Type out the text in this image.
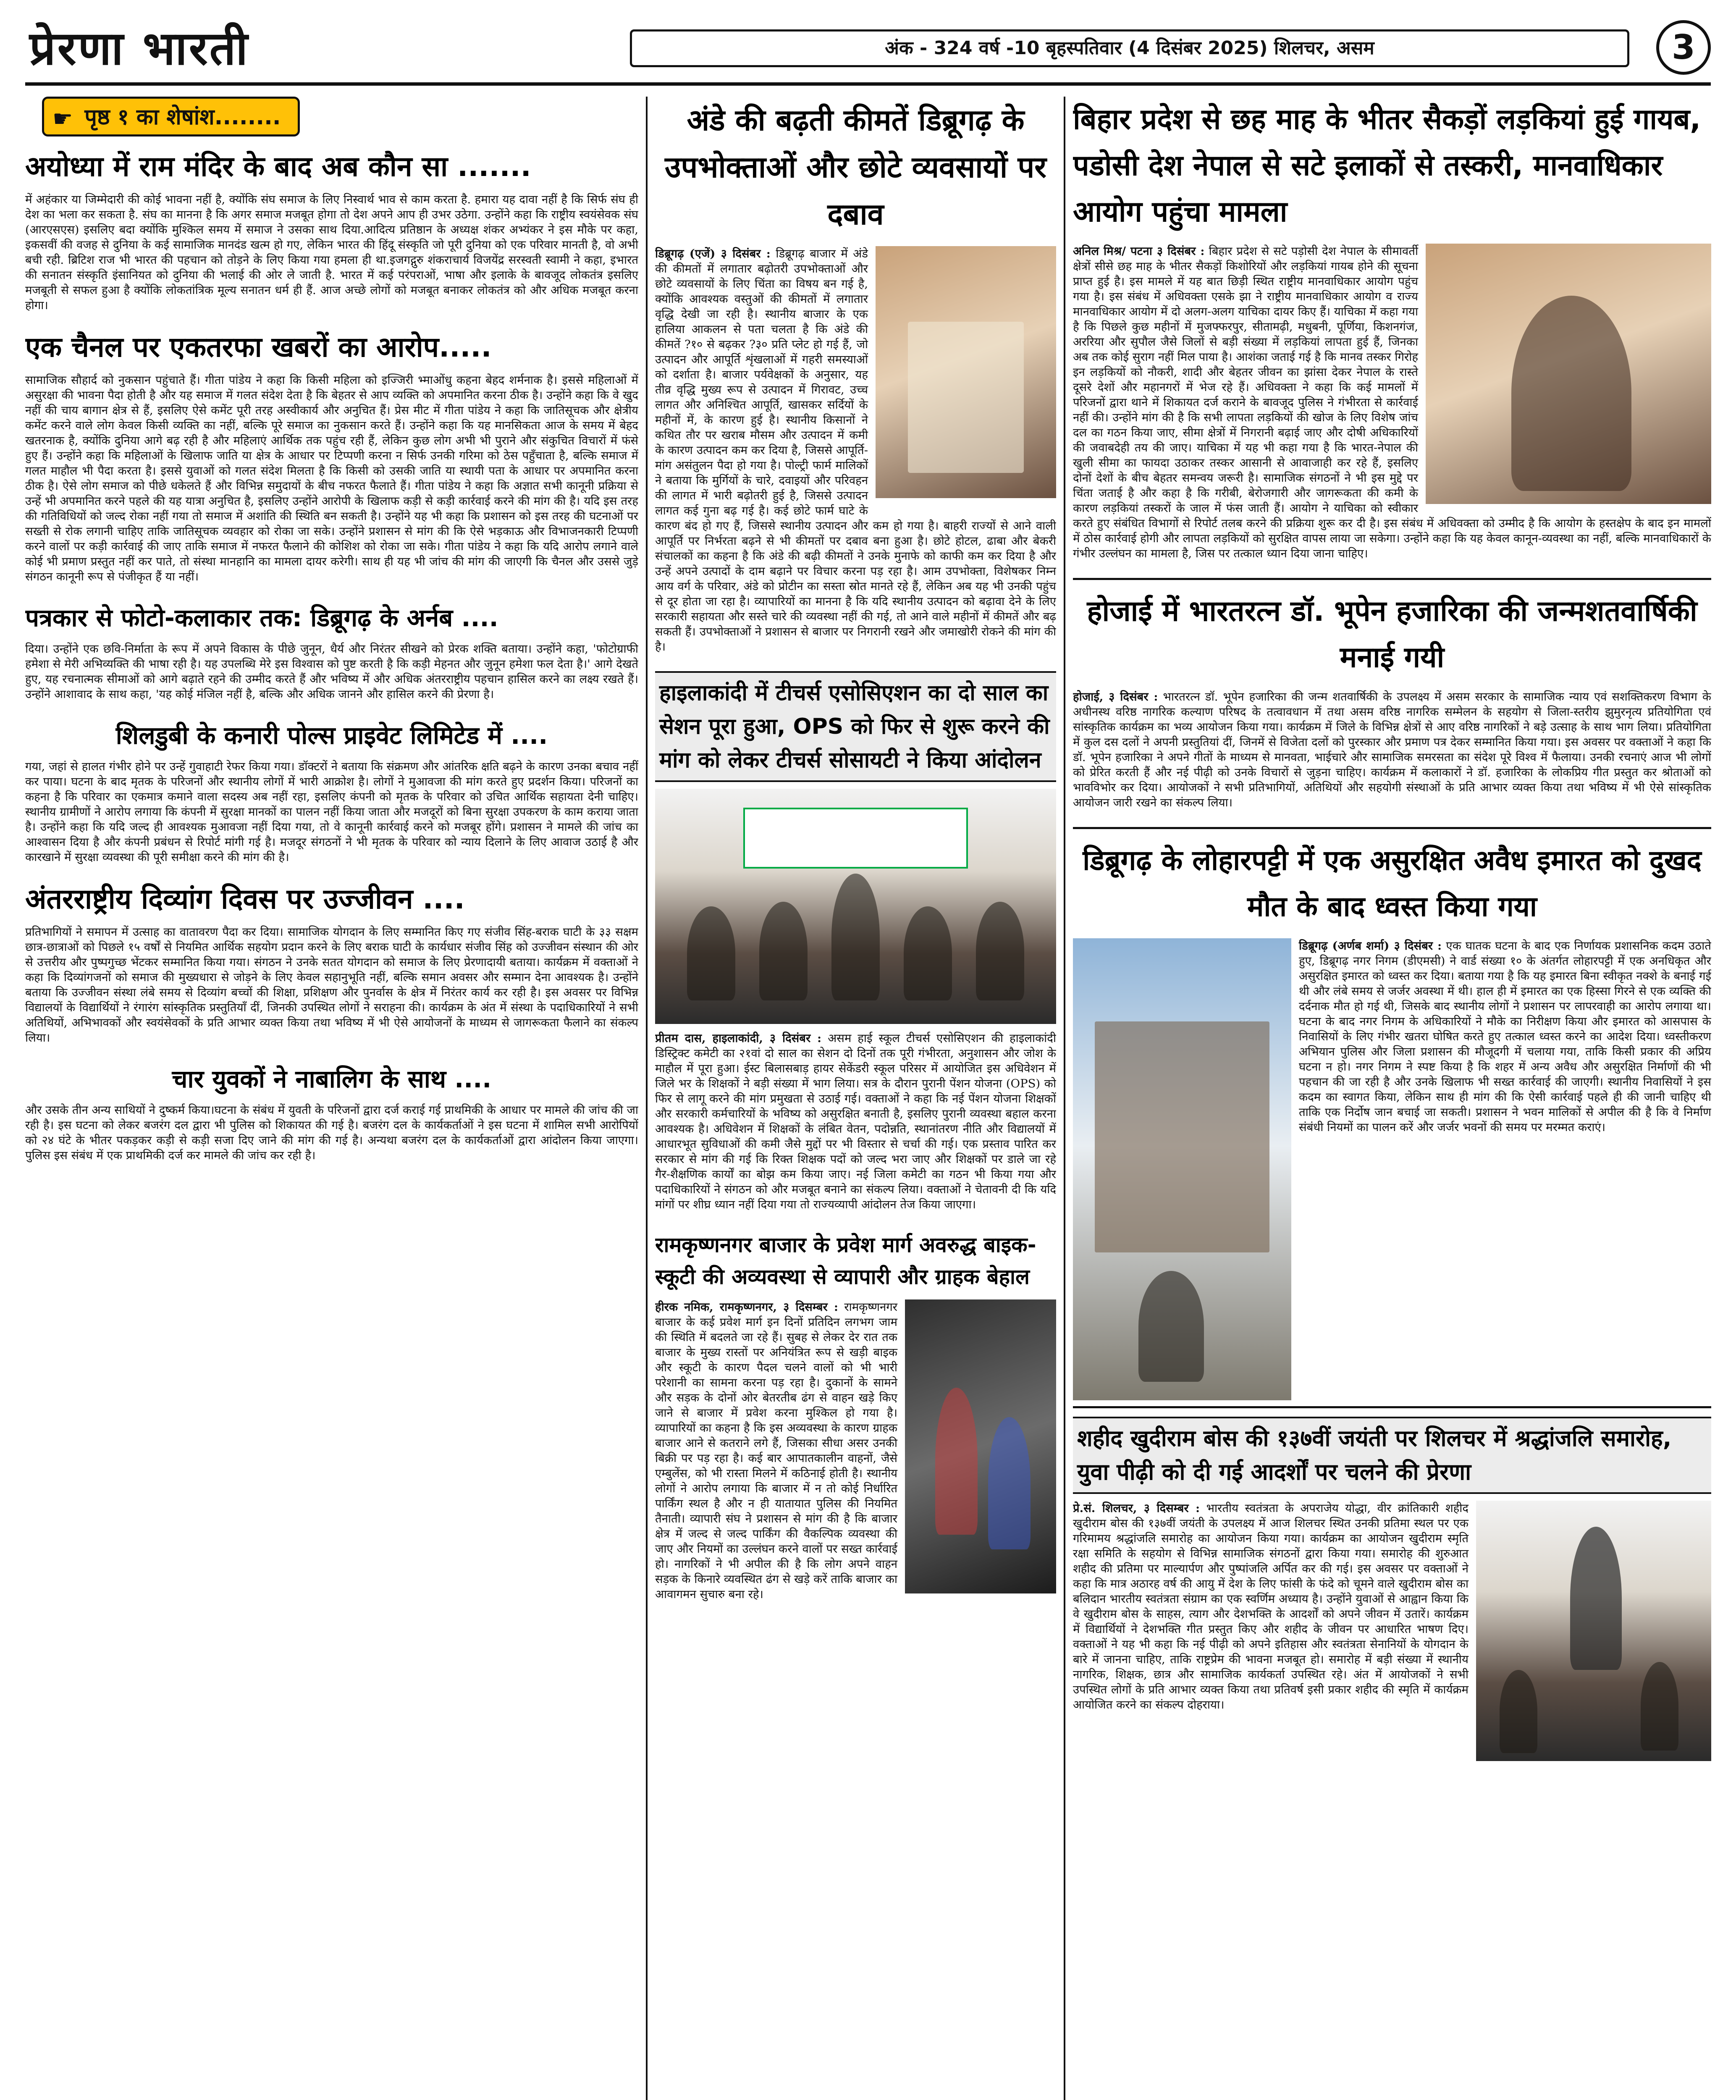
प्रेरणा भारती	अंक - 324 वर्ष -10 बृहस्पतिवार (4 दिसंबर 2025) शिलचर, असम	3
☛ पृष्ठ १ का शेषांश........
अयोध्या में राम मंदिर के बाद अब कौन सा .......
में अहंकार या जिम्मेदारी की कोई भावना नहीं है, क्योंकि संघ समाज के लिए निस्वार्थ भाव से काम करता है. हमारा यह दावा नहीं है कि सिर्फ संघ ही देश का भला कर सकता है. संघ का मानना है कि अगर समाज मजबूत होगा तो देश अपने आप ही उभर उठेगा. उन्होंने कहा कि राष्ट्रीय स्वयंसेवक संघ (आरएसएस) इसलिए बदा क्योंकि मुश्किल समय में समाज ने उसका साथ दिया.आदित्य प्रतिष्ठान के अध्यक्ष शंकर अभ्यंकर ने इस मौके पर कहा, इकसवीं की वजह से दुनिया के कई सामाजिक मानदंड खत्म हो गए, लेकिन भारत की हिंदू संस्कृति जो पूरी दुनिया को एक परिवार मानती है, वो अभी बची रही. ब्रिटिश राज भी भारत की पहचान को तोड़ने के लिए किया गया हमला ही था.इजगद्गुरु शंकराचार्य विजयेंद्र सरस्वती स्वामी ने कहा, इभारत की सनातन संस्कृति इंसानियत को दुनिया की भलाई की ओर ले जाती है. भारत में कई परंपराओं, भाषा और इलाके के बावजूद लोकतंत्र इसलिए मजबूती से सफल हुआ है क्योंकि लोकतांत्रिक मूल्य सनातन धर्म ही हैं. आज अच्छे लोगों को मजबूत बनाकर लोकतंत्र को और अधिक मजबूत करना होगा।
एक चैनल पर एकतरफा खबरों का आरोप.....
सामाजिक सौहार्द को नुकसान पहुंचाते हैं। गीता पांडेय ने कहा कि किसी महिला को इज्जिरी भ्माओंधु कहना बेहद शर्मनाक है। इससे महिलाओं में असुरक्षा की भावना पैदा होती है और यह समाज में गलत संदेश देता है कि बेहतर से आप व्यक्ति को अपमानित करना ठीक है। उन्होंने कहा कि वे खुद नहीं की चाय बागान क्षेत्र से हैं, इसलिए ऐसे कमेंट पूरी तरह अस्वीकार्य और अनुचित हैं। प्रेस मीट में गीता पांडेय ने कहा कि जातिसूचक और क्षेत्रीय कमेंट करने वाले लोग केवल किसी व्यक्ति का नहीं, बल्कि पूरे समाज का नुकसान करते हैं। उन्होंने कहा कि यह मानसिकता आज के समय में बेहद खतरनाक है, क्योंकि दुनिया आगे बढ़ रही है और महिलाएं आर्थिक तक पहुंच रही हैं, लेकिन कुछ लोग अभी भी पुराने और संकुचित विचारों में फंसे हुए हैं। उन्होंने कहा कि महिलाओं के खिलाफ जाति या क्षेत्र के आधार पर टिप्पणी करना न सिर्फ उनकी गरिमा को ठेस पहुँचाता है, बल्कि समाज में गलत माहौल भी पैदा करता है। इससे युवाओं को गलत संदेश मिलता है कि किसी को उसकी जाति या स्थायी पता के आधार पर अपमानित करना ठीक है। ऐसे लोग समाज को पीछे धकेलते हैं और विभिन्न समुदायों के बीच नफरत फैलाते हैं। गीता पांडेय ने कहा कि अज्ञात सभी कानूनी प्रक्रिया से उन्हें भी अपमानित करने पहले की यह यात्रा अनुचित है, इसलिए उन्होंने आरोपी के खिलाफ कड़ी से कड़ी कार्रवाई करने की मांग की है। यदि इस तरह की गतिविधियों को जल्द रोका नहीं गया तो समाज में अशांति की स्थिति बन सकती है। उन्होंने यह भी कहा कि प्रशासन को इस तरह की घटनाओं पर सख्ती से रोक लगानी चाहिए ताकि जातिसूचक व्यवहार को रोका जा सके। उन्होंने प्रशासन से मांग की कि ऐसे भड़काऊ और विभाजनकारी टिप्पणी करने वालों पर कड़ी कार्रवाई की जाए ताकि समाज में नफरत फैलाने की कोशिश को रोका जा सके। गीता पांडेय ने कहा कि यदि आरोप लगाने वाले कोई भी प्रमाण प्रस्तुत नहीं कर पाते, तो संस्था मानहानि का मामला दायर करेगी। साथ ही यह भी जांच की मांग की जाएगी कि चैनल और उससे जुड़े संगठन कानूनी रूप से पंजीकृत हैं या नहीं।
पत्रकार से फोटो-कलाकार तक: डिब्रूगढ़ के अर्नब ....
दिया। उन्होंने एक छवि-निर्माता के रूप में अपने विकास के पीछे जुनून, धैर्य और निरंतर सीखने को प्रेरक शक्ति बताया। उन्होंने कहा, 'फोटोग्राफी हमेशा से मेरी अभिव्यक्ति की भाषा रही है। यह उपलब्धि मेरे इस विश्वास को पुष्ट करती है कि कड़ी मेहनत और जुनून हमेशा फल देता है।' आगे देखते हुए, यह रचनात्मक सीमाओं को आगे बढ़ाते रहने की उम्मीद करते हैं और भविष्य में और अधिक अंतरराष्ट्रीय पहचान हासिल करने का लक्ष्य रखते हैं। उन्होंने आशावाद के साथ कहा, 'यह कोई मंजिल नहीं है, बल्कि और अधिक जानने और हासिल करने की प्रेरणा है।
शिलडुबी के कनारी पोल्स प्राइवेट लिमिटेड में ....
गया, जहां से हालत गंभीर होने पर उन्हें गुवाहाटी रेफर किया गया। डॉक्टरों ने बताया कि संक्रमण और आंतरिक क्षति बढ़ने के कारण उनका बचाव नहीं कर पाया। घटना के बाद मृतक के परिजनों और स्थानीय लोगों में भारी आक्रोश है। लोगों ने मुआवजा की मांग करते हुए प्रदर्शन किया। परिजनों का कहना है कि परिवार का एकमात्र कमाने वाला सदस्य अब नहीं रहा, इसलिए कंपनी को मृतक के परिवार को उचित आर्थिक सहायता देनी चाहिए। स्थानीय ग्रामीणों ने आरोप लगाया कि कंपनी में सुरक्षा मानकों का पालन नहीं किया जाता और मजदूरों को बिना सुरक्षा उपकरण के काम कराया जाता है। उन्होंने कहा कि यदि जल्द ही आवश्यक मुआवजा नहीं दिया गया, तो वे कानूनी कार्रवाई करने को मजबूर होंगे। प्रशासन ने मामले की जांच का आश्वासन दिया है और कंपनी प्रबंधन से रिपोर्ट मांगी गई है। मजदूर संगठनों ने भी मृतक के परिवार को न्याय दिलाने के लिए आवाज उठाई है और कारखाने में सुरक्षा व्यवस्था की पूरी समीक्षा करने की मांग की है।
अंतरराष्ट्रीय दिव्यांग दिवस पर उज्जीवन ....
प्रतिभागियों ने समापन में उत्साह का वातावरण पैदा कर दिया। सामाजिक योगदान के लिए सम्मानित किए गए संजीव सिंह-बराक घाटी के ३३ सक्षम छात्र-छात्राओं को पिछले १५ वर्षों से नियमित आर्थिक सहयोग प्रदान करने के लिए बराक घाटी के कार्यधार संजीव सिंह को उज्जीवन संस्थान की ओर से उत्तरीय और पुष्पगुच्छ भेंटकर सम्मानित किया गया। संगठन ने उनके सतत योगदान को समाज के लिए प्रेरणादायी बताया। कार्यक्रम में वक्ताओं ने कहा कि दिव्यांगजनों को समाज की मुख्यधारा से जोड़ने के लिए केवल सहानुभूति नहीं, बल्कि समान अवसर और सम्मान देना आवश्यक है। उन्होंने बताया कि उज्जीवन संस्था लंबे समय से दिव्यांग बच्चों की शिक्षा, प्रशिक्षण और पुनर्वास के क्षेत्र में निरंतर कार्य कर रही है। इस अवसर पर विभिन्न विद्यालयों के विद्यार्थियों ने रंगारंग सांस्कृतिक प्रस्तुतियाँ दीं, जिनकी उपस्थित लोगों ने सराहना की। कार्यक्रम के अंत में संस्था के पदाधिकारियों ने सभी अतिथियों, अभिभावकों और स्वयंसेवकों के प्रति आभार व्यक्त किया तथा भविष्य में भी ऐसे आयोजनों के माध्यम से जागरूकता फैलाने का संकल्प लिया।
चार युवकों ने नाबालिग के साथ ....
और उसके तीन अन्य साथियों ने दुष्कर्म किया।घटना के संबंध में युवती के परिजनों द्वारा दर्ज कराई गई प्राथमिकी के आधार पर मामले की जांच की जा रही है। इस घटना को लेकर बजरंग दल द्वारा भी पुलिस को शिकायत की गई है। बजरंग दल के कार्यकर्ताओं ने इस घटना में शामिल सभी आरोपियों को २४ घंटे के भीतर पकड़कर कड़ी से कड़ी सजा दिए जाने की मांग की गई है। अन्यथा बजरंग दल के कार्यकर्ताओं द्वारा आंदोलन किया जाएगा। पुलिस इस संबंध में एक प्राथमिकी दर्ज कर मामले की जांच कर रही है।
अंडे की बढ़ती कीमतें डिब्रूगढ़ के उपभोक्ताओं और छोटे व्यवसायों पर दबाव
डिब्रूगढ़ (एजें) ३ दिसंबर : डिब्रूगढ़ बाजार में अंडे की कीमतों में लगातार बढ़ोतरी उपभोक्ताओं और छोटे व्यवसायों के लिए चिंता का विषय बन गई है, क्योंकि आवश्यक वस्तुओं की कीमतों में लगातार वृद्धि देखी जा रही है। स्थानीय बाजार के एक हालिया आकलन से पता चलता है कि अंडे की कीमतें ?१० से बढ़कर ?३० प्रति प्लेट हो गई हैं, जो उत्पादन और आपूर्ति शृंखलाओं में गहरी समस्याओं को दर्शाता है। बाजार पर्यवेक्षकों के अनुसार, यह तीव्र वृद्धि मुख्य रूप से उत्पादन में गिरावट, उच्च लागत और अनिश्चित आपूर्ति, खासकर सर्दियों के महीनों में, के कारण हुई है। स्थानीय किसानों ने कथित तौर पर खराब मौसम और उत्पादन में कमी के कारण उत्पादन कम कर दिया है, जिससे आपूर्ति-मांग असंतुलन पैदा हो गया है। पोल्ट्री फार्म मालिकों ने बताया कि मुर्गियों के चारे, दवाइयों और परिवहन की लागत में भारी बढ़ोतरी हुई है, जिससे उत्पादन लागत कई गुना बढ़ गई है। कई छोटे फार्म घाटे के कारण बंद हो गए हैं, जिससे स्थानीय उत्पादन और कम हो गया है। बाहरी राज्यों से आने वाली आपूर्ति पर निर्भरता बढ़ने से भी कीमतों पर दबाव बना हुआ है। छोटे होटल, ढाबा और बेकरी संचालकों का कहना है कि अंडे की बढ़ी कीमतों ने उनके मुनाफे को काफी कम कर दिया है और उन्हें अपने उत्पादों के दाम बढ़ाने पर विचार करना पड़ रहा है। आम उपभोक्ता, विशेषकर निम्न आय वर्ग के परिवार, अंडे को प्रोटीन का सस्ता स्रोत मानते रहे हैं, लेकिन अब यह भी उनकी पहुंच से दूर होता जा रहा है। व्यापारियों का मानना है कि यदि स्थानीय उत्पादन को बढ़ावा देने के लिए सरकारी सहायता और सस्ते चारे की व्यवस्था नहीं की गई, तो आने वाले महीनों में कीमतें और बढ़ सकती हैं। उपभोक्ताओं ने प्रशासन से बाजार पर निगरानी रखने और जमाखोरी रोकने की मांग की है।
हाइलाकांदी में टीचर्स एसोसिएशन का दो साल का सेशन पूरा हुआ, OPS को फिर से शुरू करने की मांग को लेकर टीचर्स सोसायटी ने किया आंदोलन
प्रीतम दास, हाइलाकांदी, ३ दिसंबर : असम हाई स्कूल टीचर्स एसोसिएशन की हाइलाकांदी डिस्ट्रिक्ट कमेटी का २१वां दो साल का सेशन दो दिनों तक पूरी गंभीरता, अनुशासन और जोश के माहौल में पूरा हुआ। ईस्ट बिलासबाड़ हायर सेकेंडरी स्कूल परिसर में आयोजित इस अधिवेशन में जिले भर के शिक्षकों ने बड़ी संख्या में भाग लिया। सत्र के दौरान पुरानी पेंशन योजना (OPS) को फिर से लागू करने की मांग प्रमुखता से उठाई गई। वक्ताओं ने कहा कि नई पेंशन योजना शिक्षकों और सरकारी कर्मचारियों के भविष्य को असुरक्षित बनाती है, इसलिए पुरानी व्यवस्था बहाल करना आवश्यक है। अधिवेशन में शिक्षकों के लंबित वेतन, पदोन्नति, स्थानांतरण नीति और विद्यालयों में आधारभूत सुविधाओं की कमी जैसे मुद्दों पर भी विस्तार से चर्चा की गई। एक प्रस्ताव पारित कर सरकार से मांग की गई कि रिक्त शिक्षक पदों को जल्द भरा जाए और शिक्षकों पर डाले जा रहे गैर-शैक्षणिक कार्यों का बोझ कम किया जाए। नई जिला कमेटी का गठन भी किया गया और पदाधिकारियों ने संगठन को और मजबूत बनाने का संकल्प लिया। वक्ताओं ने चेतावनी दी कि यदि मांगों पर शीघ्र ध्यान नहीं दिया गया तो राज्यव्यापी आंदोलन तेज किया जाएगा।
रामकृष्णनगर बाजार के प्रवेश मार्ग अवरुद्ध बाइक-स्कूटी की अव्यवस्था से व्यापारी और ग्राहक बेहाल
हीरक नमिक, रामकृष्णनगर, ३ दिसम्बर : रामकृष्णनगर बाजार के कई प्रवेश मार्ग इन दिनों प्रतिदिन लगभग जाम की स्थिति में बदलते जा रहे हैं। सुबह से लेकर देर रात तक बाजार के मुख्य रास्तों पर अनियंत्रित रूप से खड़ी बाइक और स्कूटी के कारण पैदल चलने वालों को भी भारी परेशानी का सामना करना पड़ रहा है। दुकानों के सामने और सड़क के दोनों ओर बेतरतीब ढंग से वाहन खड़े किए जाने से बाजार में प्रवेश करना मुश्किल हो गया है। व्यापारियों का कहना है कि इस अव्यवस्था के कारण ग्राहक बाजार आने से कतराने लगे हैं, जिसका सीधा असर उनकी बिक्री पर पड़ रहा है। कई बार आपातकालीन वाहनों, जैसे एम्बुलेंस, को भी रास्ता मिलने में कठिनाई होती है। स्थानीय लोगों ने आरोप लगाया कि बाजार में न तो कोई निर्धारित पार्किंग स्थल है और न ही यातायात पुलिस की नियमित तैनाती। व्यापारी संघ ने प्रशासन से मांग की है कि बाजार क्षेत्र में जल्द से जल्द पार्किंग की वैकल्पिक व्यवस्था की जाए और नियमों का उल्लंघन करने वालों पर सख्त कार्रवाई हो। नागरिकों ने भी अपील की है कि लोग अपने वाहन सड़क के किनारे व्यवस्थित ढंग से खड़े करें ताकि बाजार का आवागमन सुचारु बना रहे।
बिहार प्रदेश से छह माह के भीतर सैकड़ों लड़कियां हुई गायब, पडोसी देश नेपाल से सटे इलाकों से तस्करी, मानवाधिकार आयोग पहुंचा मामला
अनिल मिश्र/ पटना ३ दिसंबर : बिहार प्रदेश से सटे पड़ोसी देश नेपाल के सीमावर्ती क्षेत्रों सीसे छह माह के भीतर सैकड़ों किशोरियों और लड़कियां गायब होने की सूचना प्राप्त हुई है। इस मामले में यह बात छिड़ी स्थित राष्ट्रीय मानवाधिकार आयोग पहुंच गया है। इस संबंध में अधिवक्ता एसके झा ने राष्ट्रीय मानवाधिकार आयोग व राज्य मानवाधिकार आयोग में दो अलग-अलग याचिका दायर किए हैं। याचिका में कहा गया है कि पिछले कुछ महीनों में मुजफ्फरपुर, सीतामढ़ी, मधुबनी, पूर्णिया, किशनगंज, अररिया और सुपौल जैसे जिलों से बड़ी संख्या में लड़कियां लापता हुई हैं, जिनका अब तक कोई सुराग नहीं मिल पाया है। आशंका जताई गई है कि मानव तस्कर गिरोह इन लड़कियों को नौकरी, शादी और बेहतर जीवन का झांसा देकर नेपाल के रास्ते दूसरे देशों और महानगरों में भेज रहे हैं। अधिवक्ता ने कहा कि कई मामलों में परिजनों द्वारा थाने में शिकायत दर्ज कराने के बावजूद पुलिस ने गंभीरता से कार्रवाई नहीं की। उन्होंने मांग की है कि सभी लापता लड़कियों की खोज के लिए विशेष जांच दल का गठन किया जाए, सीमा क्षेत्रों में निगरानी बढ़ाई जाए और दोषी अधिकारियों की जवाबदेही तय की जाए। याचिका में यह भी कहा गया है कि भारत-नेपाल की खुली सीमा का फायदा उठाकर तस्कर आसानी से आवाजाही कर रहे हैं, इसलिए दोनों देशों के बीच बेहतर समन्वय जरूरी है। सामाजिक संगठनों ने भी इस मुद्दे पर चिंता जताई है और कहा है कि गरीबी, बेरोजगारी और जागरूकता की कमी के कारण लड़कियां तस्करों के जाल में फंस जाती हैं। आयोग ने याचिका को स्वीकार करते हुए संबंधित विभागों से रिपोर्ट तलब करने की प्रक्रिया शुरू कर दी है। इस संबंध में अधिवक्ता को उम्मीद है कि आयोग के हस्तक्षेप के बाद इन मामलों में ठोस कार्रवाई होगी और लापता लड़कियों को सुरक्षित वापस लाया जा सकेगा। उन्होंने कहा कि यह केवल कानून-व्यवस्था का नहीं, बल्कि मानवाधिकारों के गंभीर उल्लंघन का मामला है, जिस पर तत्काल ध्यान दिया जाना चाहिए।
होजाई में भारतरत्न डॉ. भूपेन हजारिका की जन्मशतवार्षिकी मनाई गयी
होजाई, ३ दिसंबर : भारतरत्न डॉ. भूपेन हजारिका की जन्म शतवार्षिकी के उपलक्ष्य में असम सरकार के सामाजिक न्याय एवं सशक्तिकरण विभाग के अधीनस्थ वरिष्ठ नागरिक कल्याण परिषद के तत्वावधान में तथा असम वरिष्ठ नागरिक सम्मेलन के सहयोग से जिला-स्तरीय झुमुरनृत्य प्रतियोगिता एवं सांस्कृतिक कार्यक्रम का भव्य आयोजन किया गया। कार्यक्रम में जिले के विभिन्न क्षेत्रों से आए वरिष्ठ नागरिकों ने बड़े उत्साह के साथ भाग लिया। प्रतियोगिता में कुल दस दलों ने अपनी प्रस्तुतियां दीं, जिनमें से विजेता दलों को पुरस्कार और प्रमाण पत्र देकर सम्मानित किया गया। इस अवसर पर वक्ताओं ने कहा कि डॉ. भूपेन हजारिका ने अपने गीतों के माध्यम से मानवता, भाईचारे और सामाजिक समरसता का संदेश पूरे विश्व में फैलाया। उनकी रचनाएं आज भी लोगों को प्रेरित करती हैं और नई पीढ़ी को उनके विचारों से जुड़ना चाहिए। कार्यक्रम में कलाकारों ने डॉ. हजारिका के लोकप्रिय गीत प्रस्तुत कर श्रोताओं को भावविभोर कर दिया। आयोजकों ने सभी प्रतिभागियों, अतिथियों और सहयोगी संस्थाओं के प्रति आभार व्यक्त किया तथा भविष्य में भी ऐसे सांस्कृतिक आयोजन जारी रखने का संकल्प लिया।
डिब्रूगढ़ के लोहारपट्टी में एक असुरक्षित अवैध इमारत को दुखद मौत के बाद ध्वस्त किया गया
डिब्रूगढ़ (अर्णब शर्मा) ३ दिसंबर : एक घातक घटना के बाद एक निर्णायक प्रशासनिक कदम उठाते हुए, डिब्रूगढ़ नगर निगम (डीएमसी) ने वार्ड संख्या १० के अंतर्गत लोहारपट्टी में एक अनधिकृत और असुरक्षित इमारत को ध्वस्त कर दिया। बताया गया है कि यह इमारत बिना स्वीकृत नक्शे के बनाई गई थी और लंबे समय से जर्जर अवस्था में थी। हाल ही में इमारत का एक हिस्सा गिरने से एक व्यक्ति की दर्दनाक मौत हो गई थी, जिसके बाद स्थानीय लोगों ने प्रशासन पर लापरवाही का आरोप लगाया था। घटना के बाद नगर निगम के अधिकारियों ने मौके का निरीक्षण किया और इमारत को आसपास के निवासियों के लिए गंभीर खतरा घोषित करते हुए तत्काल ध्वस्त करने का आदेश दिया। ध्वस्तीकरण अभियान पुलिस और जिला प्रशासन की मौजूदगी में चलाया गया, ताकि किसी प्रकार की अप्रिय घटना न हो। नगर निगम ने स्पष्ट किया है कि शहर में अन्य अवैध और असुरक्षित निर्माणों की भी पहचान की जा रही है और उनके खिलाफ भी सख्त कार्रवाई की जाएगी। स्थानीय निवासियों ने इस कदम का स्वागत किया, लेकिन साथ ही मांग की कि ऐसी कार्रवाई पहले ही की जानी चाहिए थी ताकि एक निर्दोष जान बचाई जा सकती। प्रशासन ने भवन मालिकों से अपील की है कि वे निर्माण संबंधी नियमों का पालन करें और जर्जर भवनों की समय पर मरम्मत कराएं।
शहीद खुदीराम बोस की १३७वीं जयंती पर शिलचर में श्रद्धांजलि समारोह, युवा पीढ़ी को दी गई आदर्शों पर चलने की प्रेरणा
प्रे.सं. शिलचर, ३ दिसम्बर : भारतीय स्वतंत्रता के अपराजेय योद्धा, वीर क्रांतिकारी शहीद खुदीराम बोस की १३७वीं जयंती के उपलक्ष्य में आज शिलचर स्थित उनकी प्रतिमा स्थल पर एक गरिमामय श्रद्धांजलि समारोह का आयोजन किया गया। कार्यक्रम का आयोजन खुदीराम स्मृति रक्षा समिति के सहयोग से विभिन्न सामाजिक संगठनों द्वारा किया गया। समारोह की शुरुआत शहीद की प्रतिमा पर माल्यार्पण और पुष्पांजलि अर्पित कर की गई। इस अवसर पर वक्ताओं ने कहा कि मात्र अठारह वर्ष की आयु में देश के लिए फांसी के फंदे को चूमने वाले खुदीराम बोस का बलिदान भारतीय स्वतंत्रता संग्राम का एक स्वर्णिम अध्याय है। उन्होंने युवाओं से आह्वान किया कि वे खुदीराम बोस के साहस, त्याग और देशभक्ति के आदर्शों को अपने जीवन में उतारें। कार्यक्रम में विद्यार्थियों ने देशभक्ति गीत प्रस्तुत किए और शहीद के जीवन पर आधारित भाषण दिए। वक्ताओं ने यह भी कहा कि नई पीढ़ी को अपने इतिहास और स्वतंत्रता सेनानियों के योगदान के बारे में जानना चाहिए, ताकि राष्ट्रप्रेम की भावना मजबूत हो। समारोह में बड़ी संख्या में स्थानीय नागरिक, शिक्षक, छात्र और सामाजिक कार्यकर्ता उपस्थित रहे। अंत में आयोजकों ने सभी उपस्थित लोगों के प्रति आभार व्यक्त किया तथा प्रतिवर्ष इसी प्रकार शहीद की स्मृति में कार्यक्रम आयोजित करने का संकल्प दोहराया।
